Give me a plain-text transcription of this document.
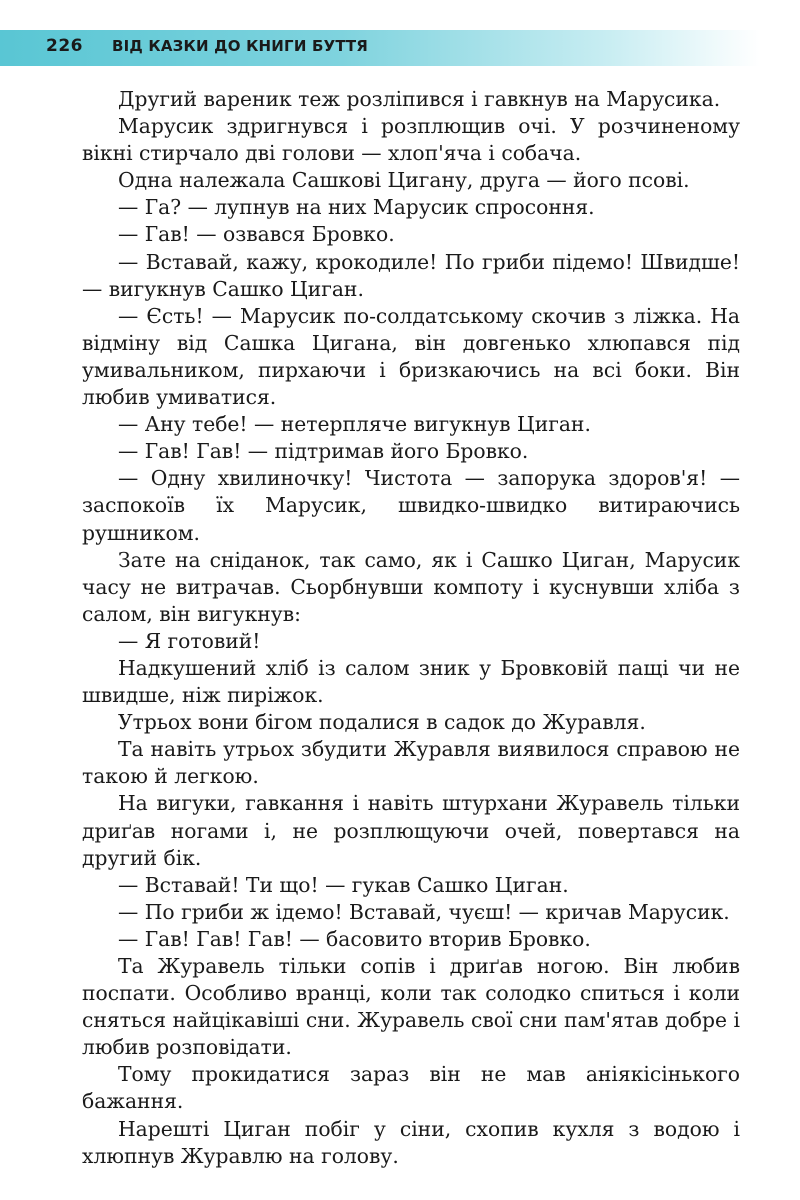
226 ВІД КАЗКИ ДО КНИГИ БУТТЯ

Другий вареник теж розліпився і гавкнув на Марусика.

Марусик здригнувся і розплющив очі. У розчиненому вікні стирчало дві голови — хлоп'яча і собача.

Одна належала Сашкові Цигану, друга — його псові.

— Га? — лупнув на них Марусик спросоння.

— Гав! — озвався Бровко.

— Вставай, кажу, крокодиле! По гриби підемо! Швидше! — вигукнув Сашко Циган.

— Єсть! — Марусик по-солдатському скочив з ліжка. На відміну від Сашка Цигана, він довгенько хлюпався під умивальником, пирхаючи і бризкаючись на всі боки. Він любив умиватися.

— Ану тебе! — нетерпляче вигукнув Циган.

— Гав! Гав! — підтримав його Бровко.

— Одну хвилиночку! Чистота — запорука здоров'я! — заспокоїв їх Марусик, швидко-швидко витираючись рушником.

Зате на сніданок, так само, як і Сашко Циган, Марусик часу не витрачав. Сьорбнувши компоту і куснувши хліба з салом, він вигукнув:

— Я готовий!

Надкушений хліб із салом зник у Бровковій пащі чи не швидше, ніж пиріжок.

Утрьох вони бігом подалися в садок до Журавля.

Та навіть утрьох збудити Журавля виявилося справою не такою й легкою.

На вигуки, гавкання і навіть штурхани Журавель тільки дриґав ногами і, не розплющуючи очей, повертався на другий бік.

— Вставай! Ти що! — гукав Сашко Циган.

— По гриби ж ідемо! Вставай, чуєш! — кричав Марусик.

— Гав! Гав! Гав! — басовито вторив Бровко.

Та Журавель тільки сопів і дриґав ногою. Він любив поспати. Особливо вранці, коли так солодко спиться і коли сняться найцікавіші сни. Журавель свої сни пам'ятав добре і любив розповідати.

Тому прокидатися зараз він не мав аніякісінького бажання.

Нарешті Циган побіг у сіни, схопив кухля з водою і хлюпнув Журавлю на голову.
